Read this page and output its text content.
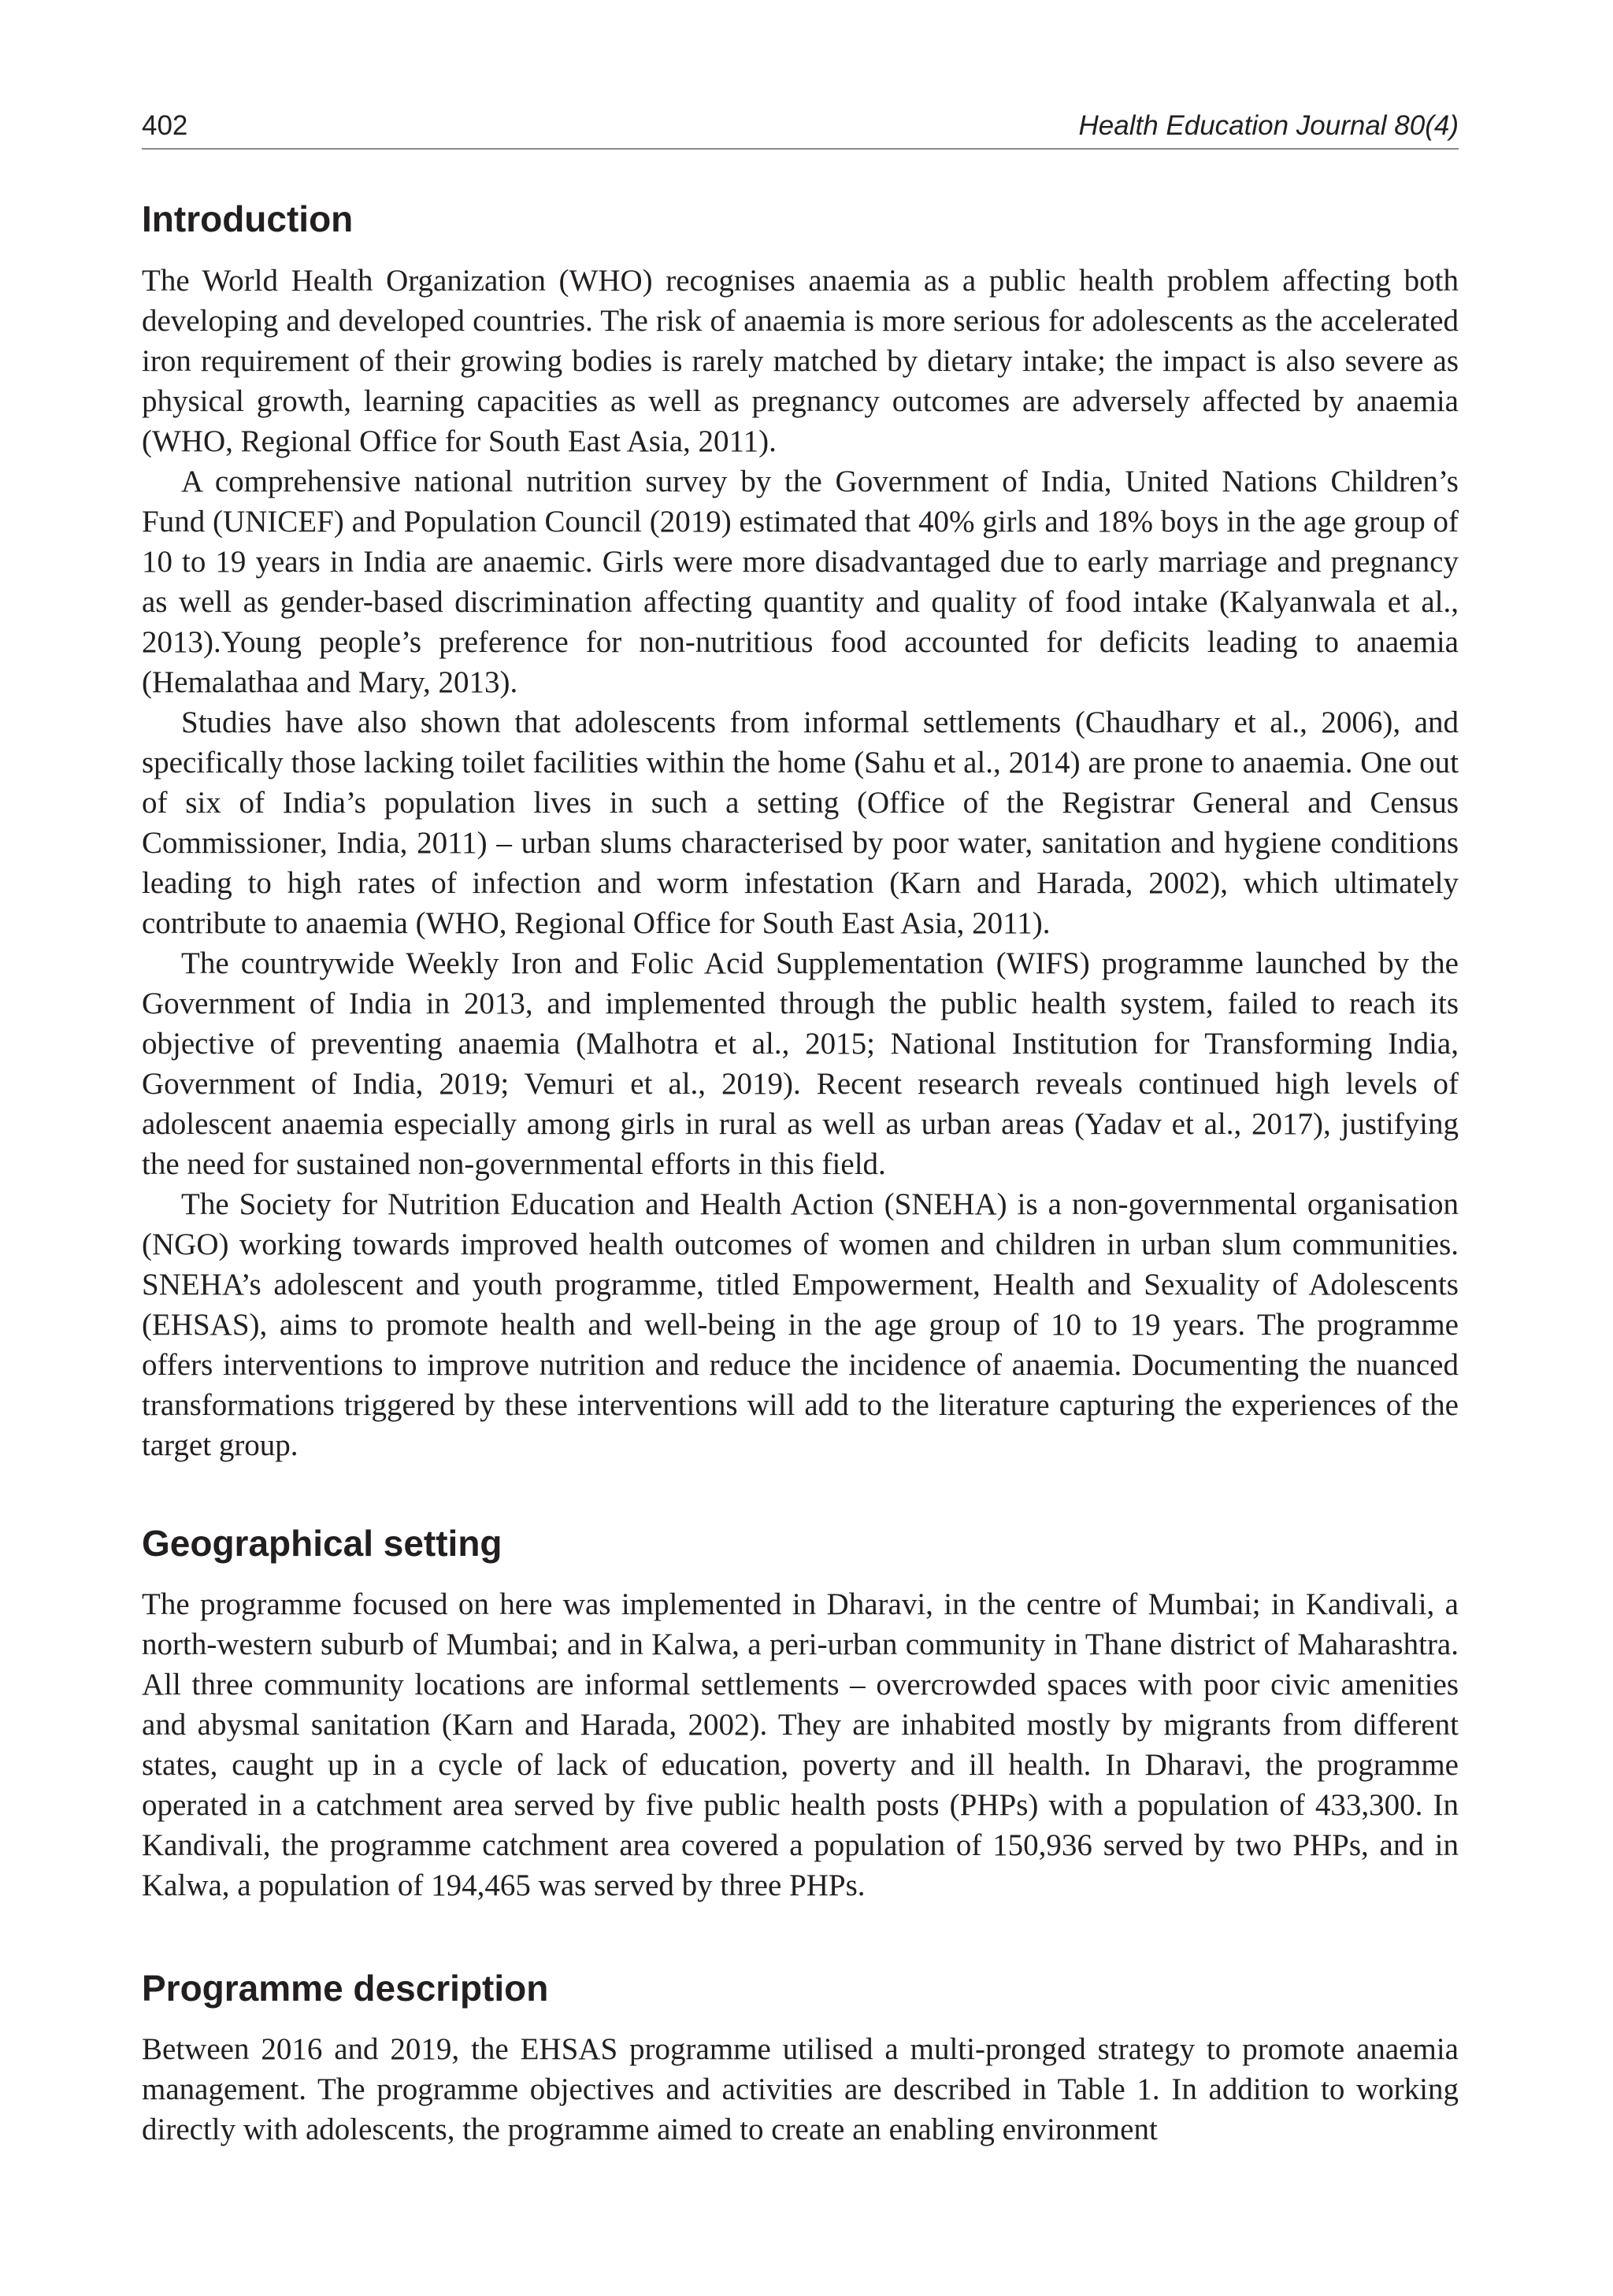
402	Health Education Journal 80(4)
Introduction

The World Health Organization (WHO) recognises anaemia as a public health problem affecting both developing and developed countries. The risk of anaemia is more serious for adolescents as the accelerated iron requirement of their growing bodies is rarely matched by dietary intake; the impact is also severe as physical growth, learning capacities as well as pregnancy outcomes are adversely affected by anaemia (WHO, Regional Office for South East Asia, 2011).

A comprehensive national nutrition survey by the Government of India, United Nations Children’s Fund (UNICEF) and Population Council (2019) estimated that 40% girls and 18% boys in the age group of 10 to 19 years in India are anaemic. Girls were more disadvantaged due to early marriage and pregnancy as well as gender-based discrimination affecting quantity and quality of food intake (Kalyanwala et al., 2013).Young people’s preference for non-nutritious food accounted for deficits leading to anaemia (Hemalathaa and Mary, 2013).

Studies have also shown that adolescents from informal settlements (Chaudhary et al., 2006), and specifically those lacking toilet facilities within the home (Sahu et al., 2014) are prone to anaemia. One out of six of India’s population lives in such a setting (Office of the Registrar General and Census Commissioner, India, 2011) – urban slums characterised by poor water, sanitation and hygiene conditions leading to high rates of infection and worm infestation (Karn and Harada, 2002), which ultimately contribute to anaemia (WHO, Regional Office for South East Asia, 2011).

The countrywide Weekly Iron and Folic Acid Supplementation (WIFS) programme launched by the Government of India in 2013, and implemented through the public health system, failed to reach its objective of preventing anaemia (Malhotra et al., 2015; National Institution for Transforming India, Government of India, 2019; Vemuri et al., 2019). Recent research reveals continued high levels of adolescent anaemia especially among girls in rural as well as urban areas (Yadav et al., 2017), justifying the need for sustained non-governmental efforts in this field.

The Society for Nutrition Education and Health Action (SNEHA) is a non-governmental organisation (NGO) working towards improved health outcomes of women and children in urban slum communities. SNEHA’s adolescent and youth programme, titled Empowerment, Health and Sexuality of Adolescents (EHSAS), aims to promote health and well-being in the age group of 10 to 19 years. The programme offers interventions to improve nutrition and reduce the incidence of anaemia. Documenting the nuanced transformations triggered by these interventions will add to the literature capturing the experiences of the target group.

Geographical setting

The programme focused on here was implemented in Dharavi, in the centre of Mumbai; in Kandivali, a north-western suburb of Mumbai; and in Kalwa, a peri-urban community in Thane district of Maharashtra. All three community locations are informal settlements – overcrowded spaces with poor civic amenities and abysmal sanitation (Karn and Harada, 2002). They are inhabited mostly by migrants from different states, caught up in a cycle of lack of education, poverty and ill health. In Dharavi, the programme operated in a catchment area served by five public health posts (PHPs) with a population of 433,300. In Kandivali, the programme catchment area covered a population of 150,936 served by two PHPs, and in Kalwa, a population of 194,465 was served by three PHPs.

Programme description

Between 2016 and 2019, the EHSAS programme utilised a multi-pronged strategy to promote anaemia management. The programme objectives and activities are described in Table 1. In addition to working directly with adolescents, the programme aimed to create an enabling environment
